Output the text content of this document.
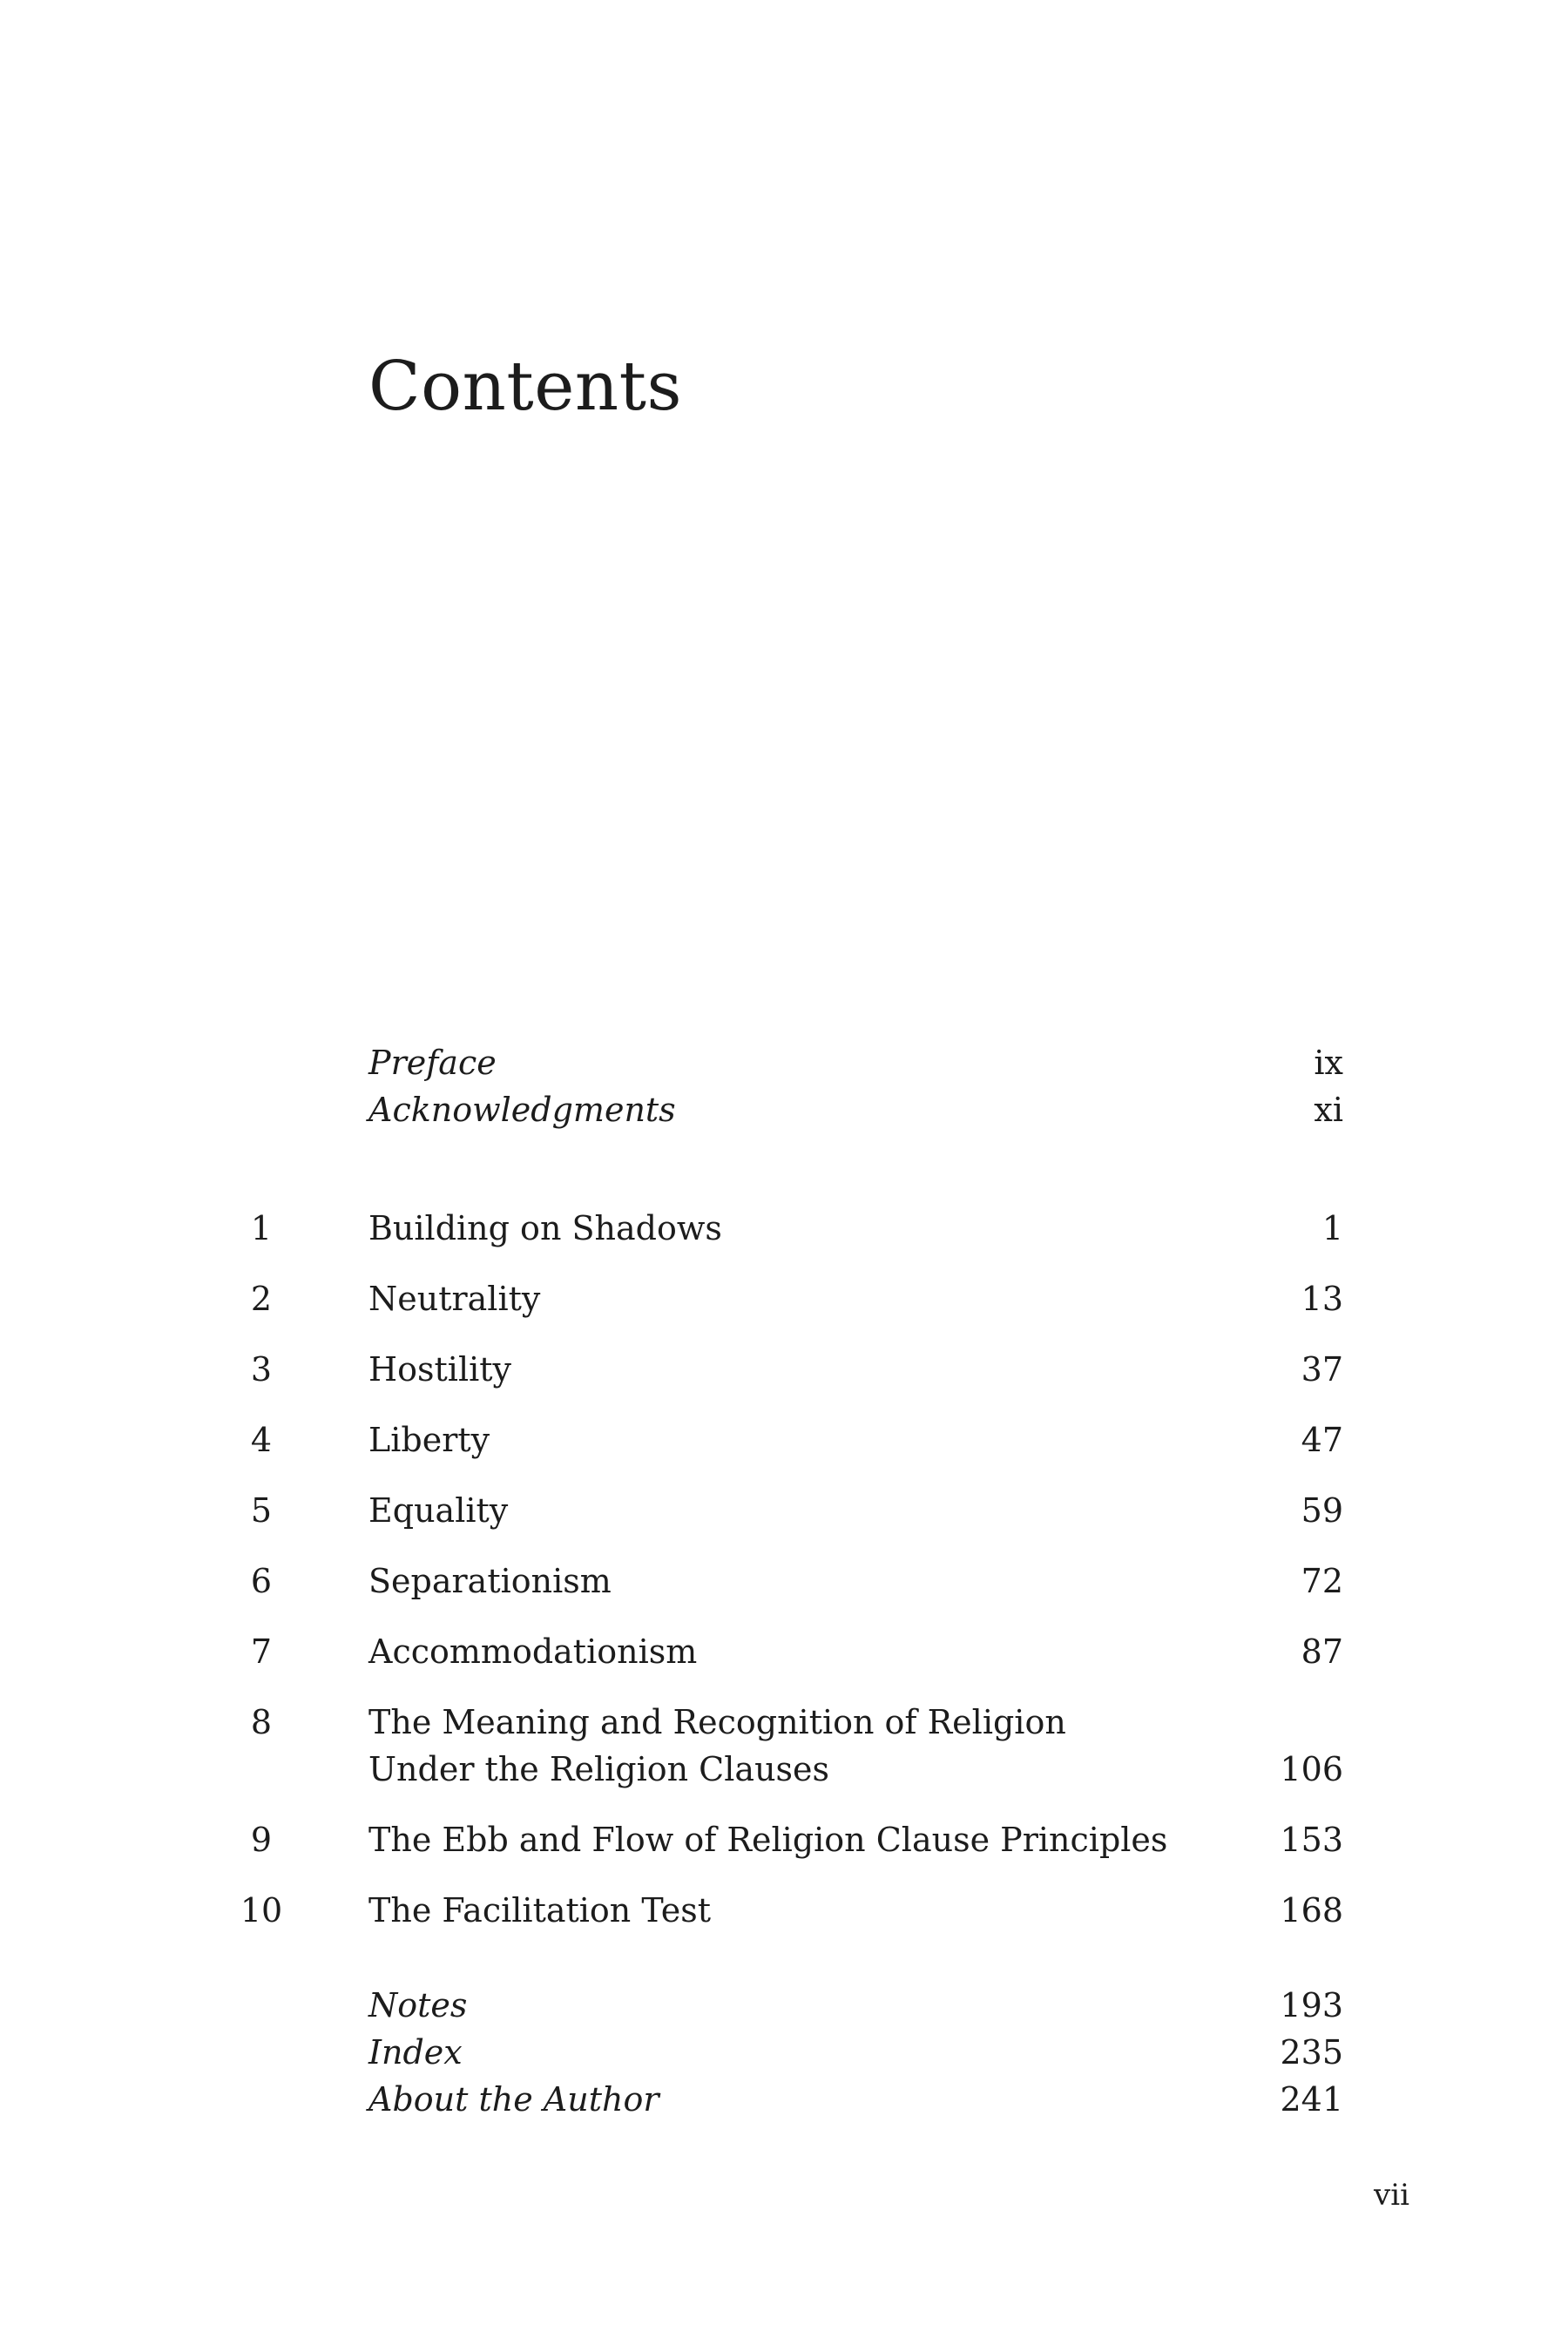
Contents
Preface	ix
Acknowledgments	xi
1	Building on Shadows	1
2	Neutrality	13
3	Hostility	37
4	Liberty	47
5	Equality	59
6	Separationism	72
7	Accommodationism	87
8	The Meaning and Recognition of Religion
Under the Religion Clauses	106
9	The Ebb and Flow of Religion Clause Principles	153
10	The Facilitation Test	168
Notes	193
Index	235
About the Author	241
vii
